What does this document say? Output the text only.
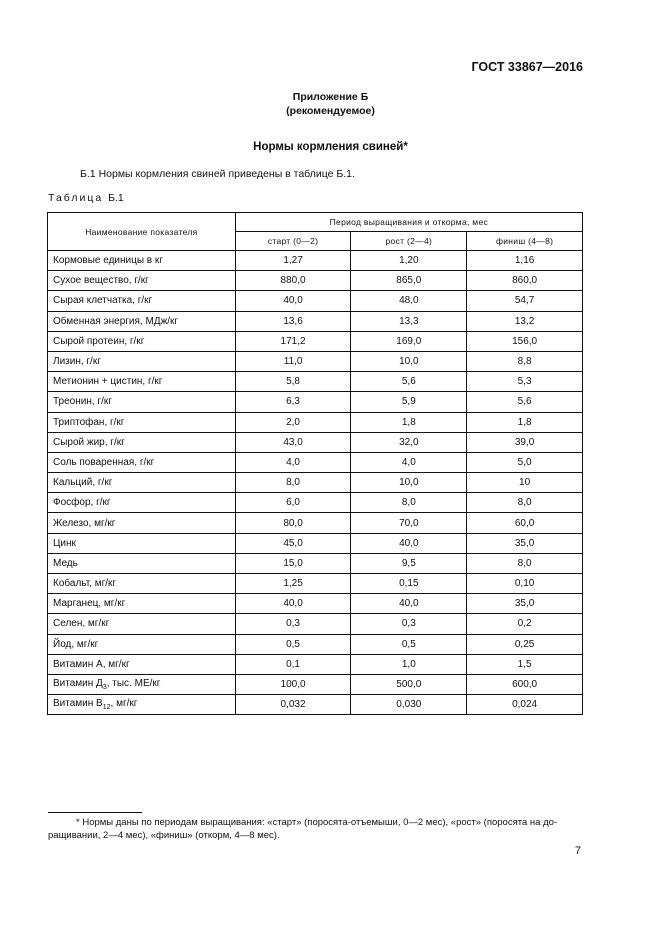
ГОСТ 33867—2016
Приложение Б
(рекомендуемое)
Нормы кормления свиней*
Б.1 Нормы кормления свиней приведены в таблице Б.1.
Таблица Б.1
Наименование показателя	Период выращивания и откорма, мес		
	старт (0—2)	рост (2—4)	финиш (4—8)
Кормовые единицы в кг	1,27	1,20	1,16
Сухое вещество, г/кг	880,0	865,0	860,0
Сырая клетчатка, г/кг	40,0	48,0	54,7
Обменная энергия, МДж/кг	13,6	13,3	13,2
Сырой протеин, г/кг	171,2	169,0	156,0
Лизин, г/кг	11,0	10,0	8,8
Метионин + цистин, г/кг	5,8	5,6	5,3
Треонин, г/кг	6,3	5,9	5,6
Триптофан, г/кг	2,0	1,8	1,8
Сырой жир, г/кг	43,0	32,0	39,0
Соль поваренная, г/кг	4,0	4,0	5,0
Кальций, г/кг	8,0	10,0	10
Фосфор, г/кг	6,0	8,0	8,0
Железо, мг/кг	80,0	70,0	60,0
Цинк	45,0	40,0	35,0
Медь	15,0	9,5	8,0
Кобальт, мг/кг	1,25	0,15	0,10
Марганец, мг/кг	40,0	40,0	35,0
Селен, мг/кг	0,3	0,3	0,2
Йод, мг/кг	0,5	0,5	0,25
Витамин А, мг/кг	0,1	1,0	1,5
Витамин $Д_3$, тыс. МЕ/кг	100,0	500,0	600,0
Витамин $В_{12}$, мг/кг	0,032	0,030	0,024
* Нормы даны по периодам выращивания: «старт» (поросята-отъемыши, 0—2 мес), «рост» (поросята на до-
ращивании, 2—4 мес), «финиш» (откорм, 4—8 мес).
7
